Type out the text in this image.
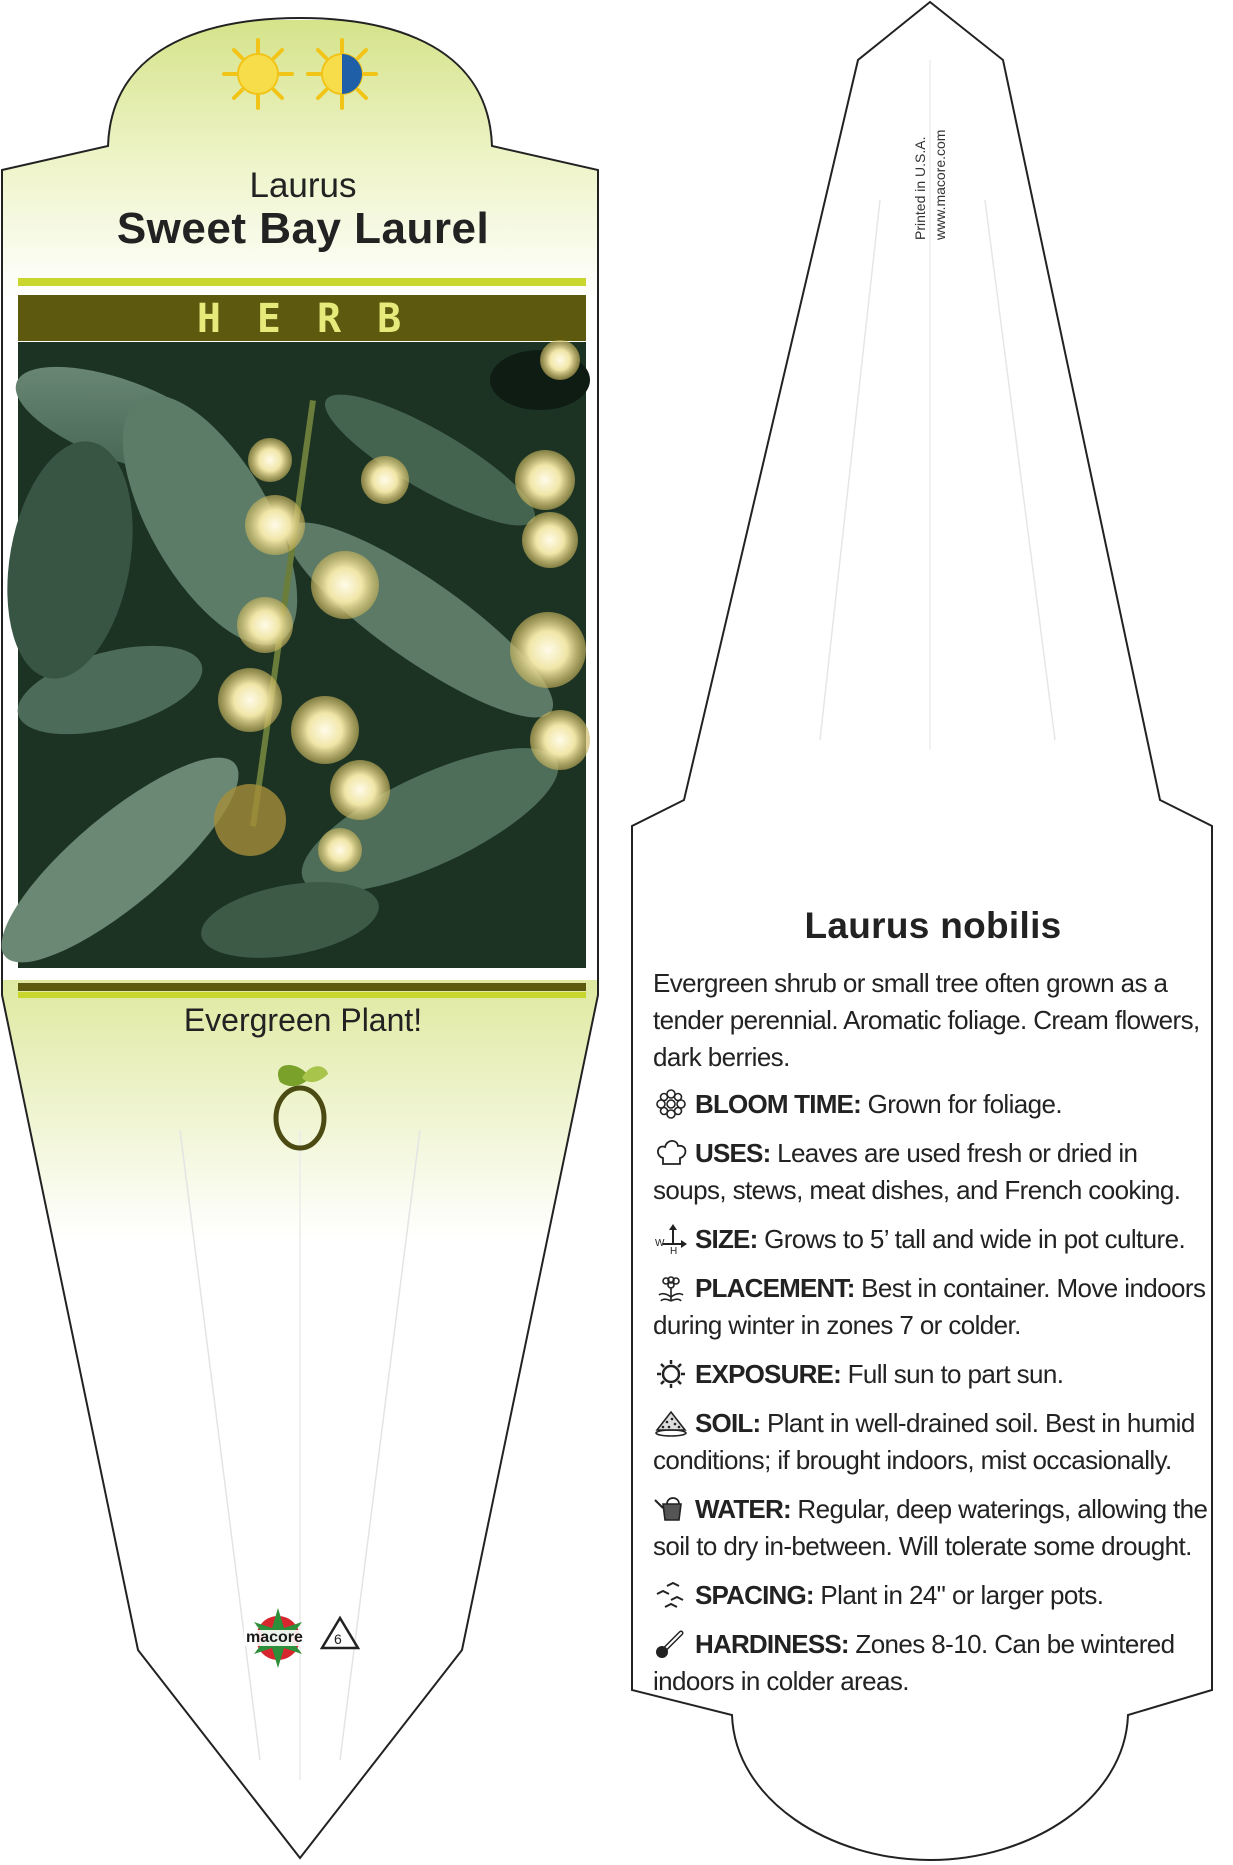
Laurus
Sweet Bay Laurel
HERB
Evergreen Plant!
macore 6
Printed in U.S.A. www.macore.com
Laurus nobilis
Evergreen shrub or small tree often grown as a tender perennial. Aromatic foliage. Cream flowers, dark berries.
BLOOM TIME: Grown for foliage.
USES: Leaves are used fresh or dried in soups, stews, meat dishes, and French cooking.
W
H SIZE: Grows to 5’ tall and wide in pot culture.
PLACEMENT: Best in container. Move indoors during winter in zones 7 or colder.
EXPOSURE: Full sun to part sun.
SOIL: Plant in well-drained soil. Best in humid conditions; if brought indoors, mist occasionally.
WATER: Regular, deep waterings, allowing the soil to dry in-between. Will tolerate some drought.
SPACING: Plant in 24" or larger pots.
HARDINESS: Zones 8-10. Can be wintered indoors in colder areas.
